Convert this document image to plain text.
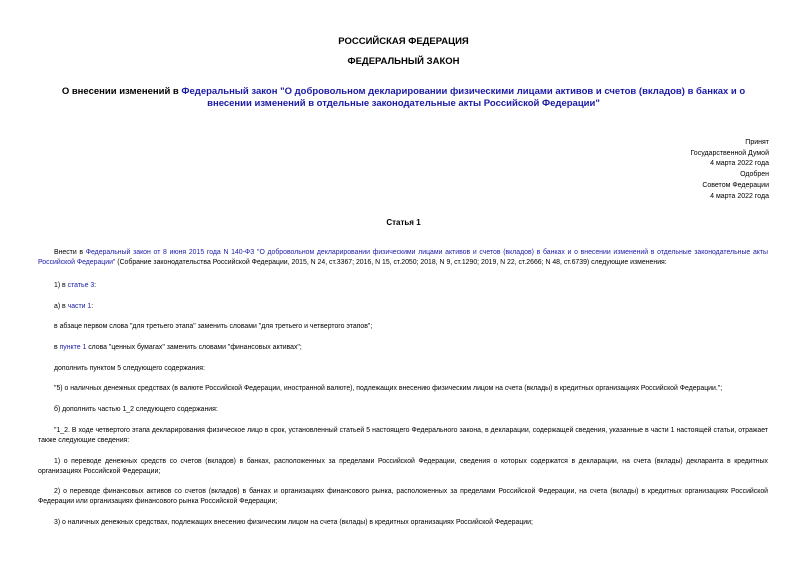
РОССИЙСКАЯ ФЕДЕРАЦИЯ
ФЕДЕРАЛЬНЫЙ ЗАКОН
О внесении изменений в Федеральный закон "О добровольном декларировании физическими лицами активов и счетов (вкладов) в банках и о внесении изменений в отдельные законодательные акты Российской Федерации"
Принят
Государственной Думой
4 марта 2022 года
Одобрен
Советом Федерации
4 марта 2022 года
Статья 1
Внести в Федеральный закон от 8 июня 2015 года N 140-ФЗ "О добровольном декларировании физическими лицами активов и счетов (вкладов) в банках и о внесении изменений в отдельные законодательные акты Российской Федерации" (Собрание законодательства Российской Федерации, 2015, N 24, ст.3367; 2016, N 15, ст.2050; 2018, N 9, ст.1290; 2019, N 22, ст.2666; N 48, ст.6739) следующие изменения:
1) в статье 3:
а) в части 1:
в абзаце первом слова "для третьего этапа" заменить словами "для третьего и четвертого этапов";
в пункте 1 слова "ценных бумагах" заменить словами "финансовых активах";
дополнить пунктом 5 следующего содержания:
"5) о наличных денежных средствах (в валюте Российской Федерации, иностранной валюте), подлежащих внесению физическим лицом на счета (вклады) в кредитных организациях Российской Федерации.";
б) дополнить частью 1_2 следующего содержания:
"1_2. В ходе четвертого этапа декларирования физическое лицо в срок, установленный статьей 5 настоящего Федерального закона, в декларации, содержащей сведения, указанные в части 1 настоящей статьи, отражает также следующие сведения:
1) о переводе денежных средств со счетов (вкладов) в банках, расположенных за пределами Российской Федерации, сведения о которых содержатся в декларации, на счета (вклады) декларанта в кредитных организациях Российской Федерации;
2) о переводе финансовых активов со счетов (вкладов) в банках и организациях финансового рынка, расположенных за пределами Российской Федерации, на счета (вклады) в кредитных организациях Российской Федерации или организациях финансового рынка Российской Федерации;
3) о наличных денежных средствах, подлежащих внесению физическим лицом на счета (вклады) в кредитных организациях Российской Федерации;
